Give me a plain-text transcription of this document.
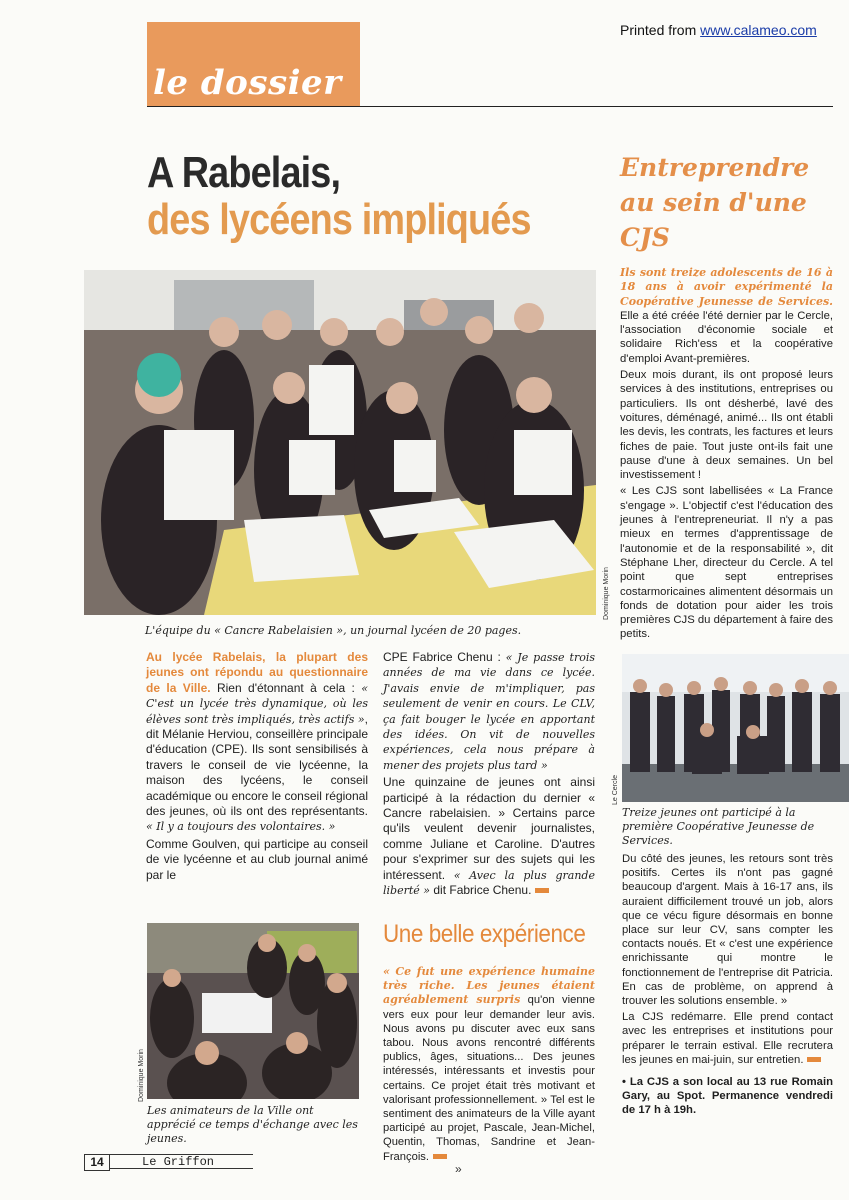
Printed from www.calameo.com
le dossier
A Rabelais,
des lycéens impliqués
Dominique Morin
L'équipe du « Cancre Rabelaisien », un journal lycéen de 20 pages.

Au lycée Rabelais, la plupart des jeunes ont répondu au questionnaire de la Ville. Rien d'étonnant à cela : « C'est un lycée très dynamique, où les élèves sont très impliqués, très actifs », dit Mélanie Herviou, conseillère principale d'éducation (CPE). Ils sont sensibilisés à travers le conseil de vie lycéenne, la maison des lycéens, le conseil académique ou encore le conseil régional des jeunes, où ils ont des représentants. « Il y a toujours des volontaires. »

Comme Goulven, qui participe au conseil de vie lycéenne et au club journal animé par le

CPE Fabrice Chenu : « Je passe trois années de ma vie dans ce lycée. J'avais envie de m'impliquer, pas seulement de venir en cours. Le CLV, ça fait bouger le lycée en apportant des idées. On vit de nouvelles expériences, cela nous prépare à mener des projets plus tard »

Une quinzaine de jeunes ont ainsi participé à la rédaction du dernier « Cancre rabelaisien. » Certains parce qu'ils veulent devenir journalistes, comme Juliane et Caroline. D'autres pour s'exprimer sur des sujets qui les intéressent. « Avec la plus grande liberté » dit Fabrice Chenu.

Dominique Morin
Les animateurs de la Ville ont apprécié ce temps d'échange avec les jeunes.
Une belle expérience
« Ce fut une expérience humaine très riche. Les jeunes étaient agréablement surpris qu'on vienne vers eux pour leur demander leur avis. Nous avons pu discuter avec eux sans tabou. Nous avons rencontré différents publics, âges, situations... Des jeunes intéressés, intéressants et investis pour certains. Ce projet était très motivant et valorisant professionnellement. » Tel est le sentiment des animateurs de la Ville ayant participé au projet, Pascale, Jean-Michel, Quentin, Thomas, Sandrine et Jean-François.
Entreprendre au sein d'une CJS

Ils sont treize adolescents de 16 à 18 ans à avoir expérimenté la Coopérative Jeunesse de Services. Elle a été créée l'été dernier par le Cercle, l'association d'économie sociale et solidaire Rich'ess et la coopérative d'emploi Avant-premières.

Deux mois durant, ils ont proposé leurs services à des institutions, entreprises ou particuliers. Ils ont désherbé, lavé des voitures, déménagé, animé... Ils ont établi les devis, les contrats, les factures et leurs fiches de paie. Tout juste ont-ils fait une pause d'une à deux semaines. Un bel investissement !

« Les CJS sont labellisées « La France s'engage ». L'objectif c'est l'éducation des jeunes à l'entrepreneuriat. Il n'y a pas mieux en termes d'apprentissage de l'autonomie et de la responsabilité », dit Stéphane Lher, directeur du Cercle. A tel point que sept entreprises costarmoricaines alimentent désormais un fonds de dotation pour aider les trois premières CJS du département à faire des petits.

Le Cercle
Treize jeunes ont participé à la première Coopérative Jeunesse de Services.

Du côté des jeunes, les retours sont très positifs. Certes ils n'ont pas gagné beaucoup d'argent. Mais à 16-17 ans, ils auraient difficilement trouvé un job, alors que ce vécu figure désormais en bonne place sur leur CV, sans compter les contacts noués. Et « c'est une expérience enrichissante qui montre le fonctionnement de l'entreprise dit Patricia. En cas de problème, on apprend à trouver les solutions ensemble. »

La CJS redémarre. Elle prend contact avec les entreprises et institutions pour préparer le terrain estival. Elle recrutera les jeunes en mai-juin, sur entretien.

• La CJS a son local au 13 rue Romain Gary, au Spot. Permanence vendredi de 17 h à 19h.

14	Le Griffon	»
